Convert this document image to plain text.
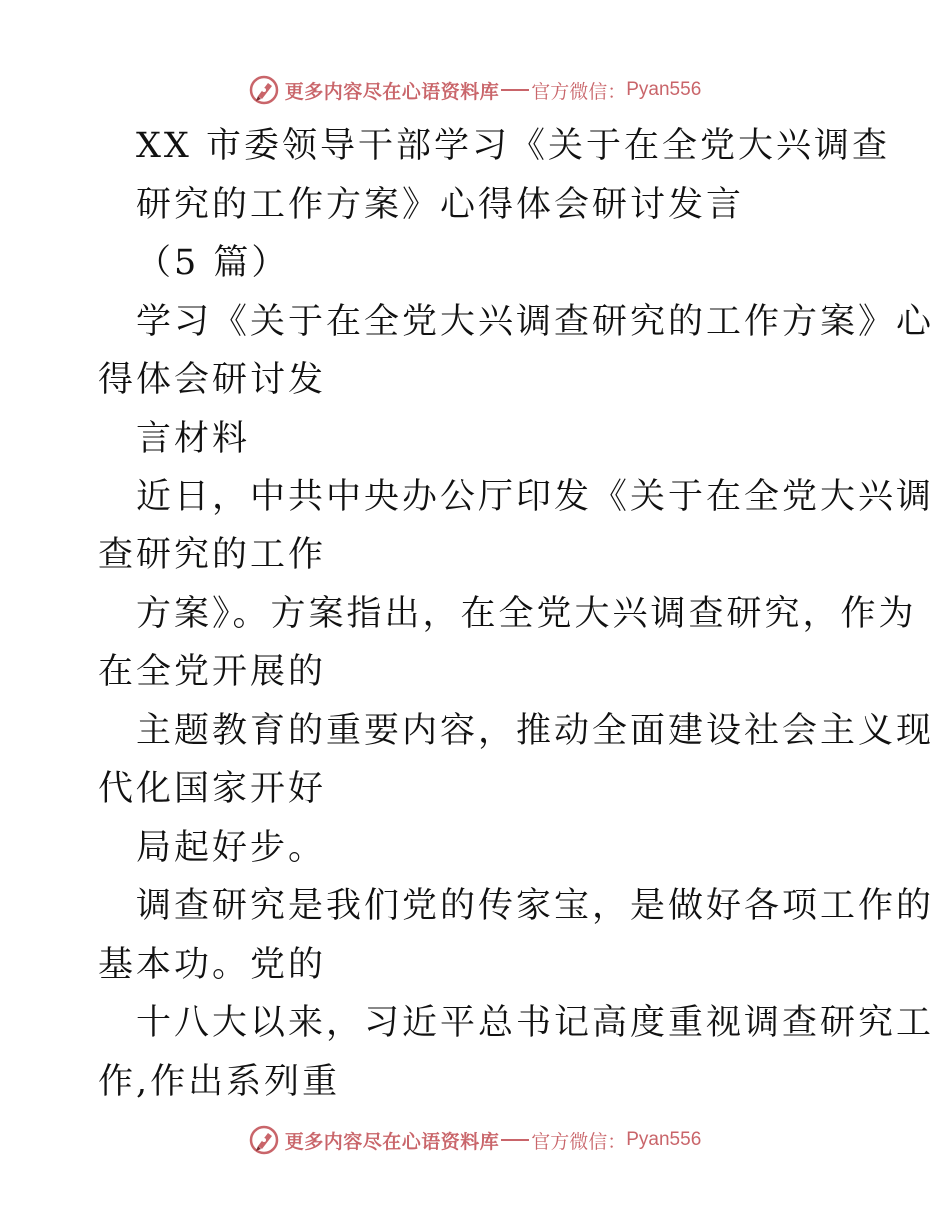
更多内容尽在心语资料库 官方微信： Pyan556
XX 市委领导干部学习《关于在全党大兴调查
研究的工作方案》心得体会研讨发言
（5 篇）
学习《关于在全党大兴调查研究的工作方案》心
得体会研讨发
言材料
近日，中共中央办公厅印发《关于在全党大兴调
查研究的工作
方案》。方案指出，在全党大兴调查研究，作为
在全党开展的
主题教育的重要内容，推动全面建设社会主义现
代化国家开好
局起好步。
调查研究是我们党的传家宝，是做好各项工作的
基本功。党的
十八大以来，习近平总书记高度重视调查研究工
作,作出系列重
更多内容尽在心语资料库 官方微信： Pyan556
